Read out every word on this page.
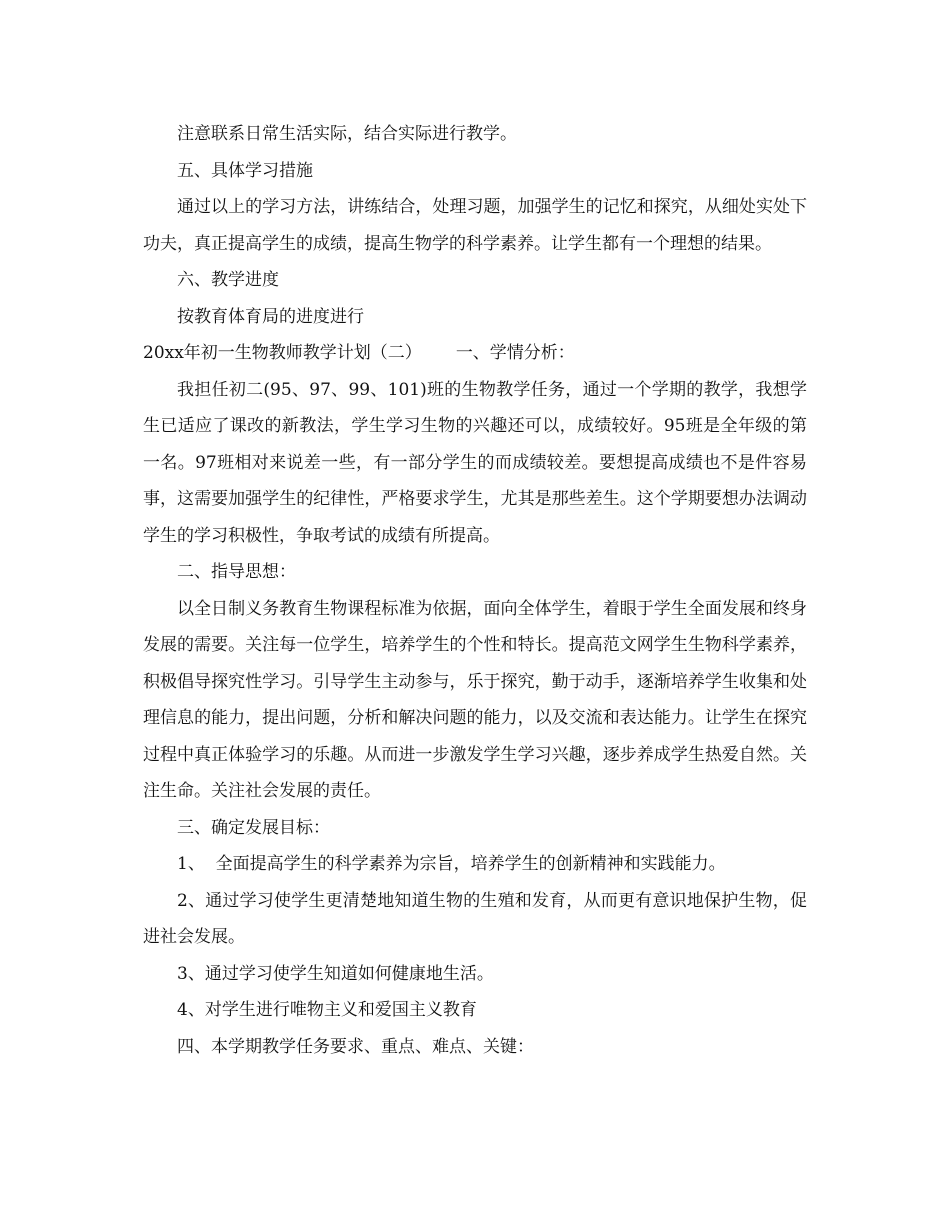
注意联系日常生活实际，结合实际进行教学。

五、具体学习措施

通过以上的学习方法，讲练结合，处理习题，加强学生的记忆和探究，从细处实处下功夫，真正提高学生的成绩，提高生物学的科学素养。让学生都有一个理想的结果。

六、教学进度

按教育体育局的进度进行

20xx年初一生物教师教学计划（二） 一、学情分析：

我担任初二(95、97、99、101)班的生物教学任务，通过一个学期的教学，我想学生已适应了课改的新教法，学生学习生物的兴趣还可以，成绩较好。95班是全年级的第一名。97班相对来说差一些，有一部分学生的而成绩较差。要想提高成绩也不是件容易事，这需要加强学生的纪律性，严格要求学生，尤其是那些差生。这个学期要想办法调动学生的学习积极性，争取考试的成绩有所提高。

二、指导思想：

以全日制义务教育生物课程标准为依据，面向全体学生，着眼于学生全面发展和终身发展的需要。关注每一位学生，培养学生的个性和特长。提高范文网学生生物科学素养，积极倡导探究性学习。引导学生主动参与，乐于探究，勤于动手，逐渐培养学生收集和处理信息的能力，提出问题，分析和解决问题的能力，以及交流和表达能力。让学生在探究过程中真正体验学习的乐趣。从而进一步激发学生学习兴趣，逐步养成学生热爱自然。关注生命。关注社会发展的责任。

三、确定发展目标：

1、  全面提高学生的科学素养为宗旨，培养学生的创新精神和实践能力。

2、通过学习使学生更清楚地知道生物的生殖和发育，从而更有意识地保护生物，促进社会发展。

3、通过学习使学生知道如何健康地生活。

4、对学生进行唯物主义和爱国主义教育

四、本学期教学任务要求、重点、难点、关键：
